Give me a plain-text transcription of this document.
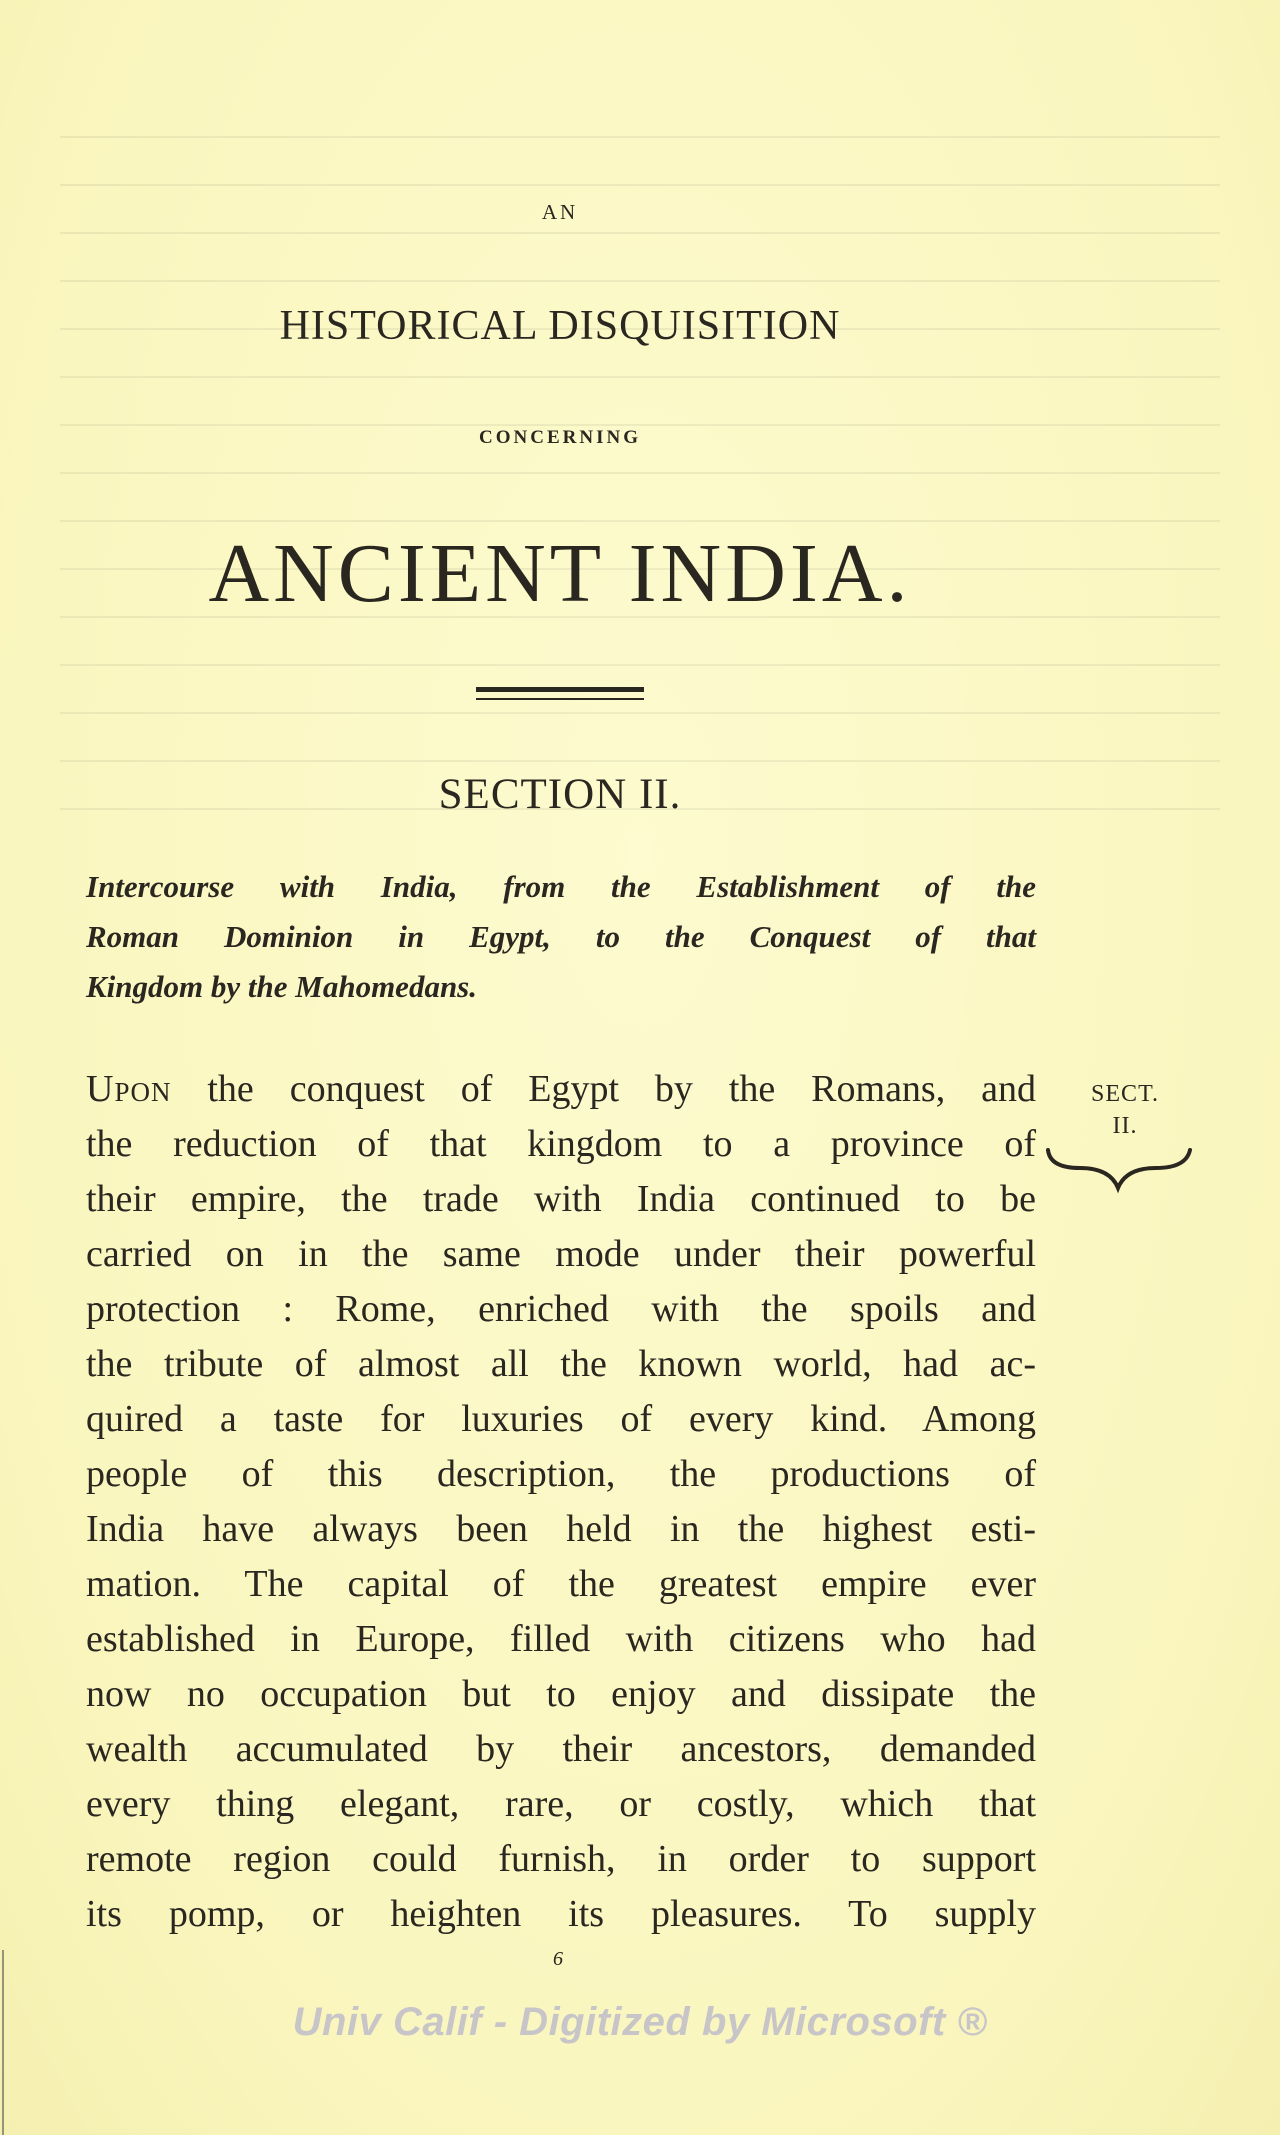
AN
HISTORICAL DISQUISITION
CONCERNING
ANCIENT INDIA.
SECTION II.
Intercourse with India, from the Establishment of the
Roman Dominion in Egypt, to the Conquest of that
Kingdom by the Mahomedans.
Upon the conquest of Egypt by the Romans, and
the reduction of that kingdom to a province of
their empire, the trade with India continued to be
carried on in the same mode under their powerful
protection : Rome, enriched with the spoils and
the tribute of almost all the known world, had ac-
quired a taste for luxuries of every kind. Among
people of this description, the productions of
India have always been held in the highest esti-
mation. The capital of the greatest empire ever
established in Europe, filled with citizens who had
now no occupation but to enjoy and dissipate the
wealth accumulated by their ancestors, demanded
every thing elegant, rare, or costly, which that
remote region could furnish, in order to support
its pomp, or heighten its pleasures. To supply
SECT.
II.
6
Univ Calif - Digitized by Microsoft ®
